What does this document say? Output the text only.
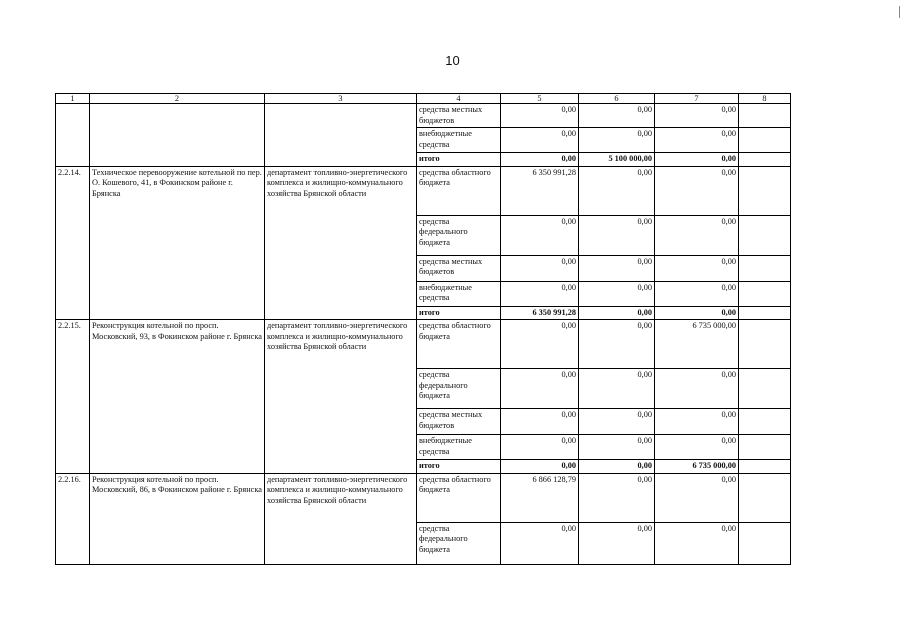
10
1	2	3	4	5	6	7	8
			средства местных бюджетов	0,00	0,00	0,00	
			внебюджетные средства	0,00	0,00	0,00	
			итого	0,00	5 100 000,00	0,00	
2.2.14.	Техническое перевооружение котельной по пер. О. Кошевого, 41, в Фокинском районе г. Брянска	департамент топливно-энергетического комплекса и жилищно-коммунального хозяйства Брянской области	средства областного бюджета	6 350 991,28	0,00	0,00	
			средства федерального бюджета	0,00	0,00	0,00	
			средства местных бюджетов	0,00	0,00	0,00	
			внебюджетные средства	0,00	0,00	0,00	
			итого	6 350 991,28	0,00	0,00	
2.2.15.	Реконструкция котельной по просп. Московский, 93, в Фокинском районе г. Брянска	департамент топливно-энергетического комплекса и жилищно-коммунального хозяйства Брянской области	средства областного бюджета	0,00	0,00	6 735 000,00	
			средства федерального бюджета	0,00	0,00	0,00	
			средства местных бюджетов	0,00	0,00	0,00	
			внебюджетные средства	0,00	0,00	0,00	
			итого	0,00	0,00	6 735 000,00	
2.2.16.	Реконструкция котельной по просп. Московский, 86, в Фокинском районе г. Брянска	департамент топливно-энергетического комплекса и жилищно-коммунального хозяйства Брянской области	средства областного бюджета	6 866 128,79	0,00	0,00	
			средства федерального бюджета	0,00	0,00	0,00	
